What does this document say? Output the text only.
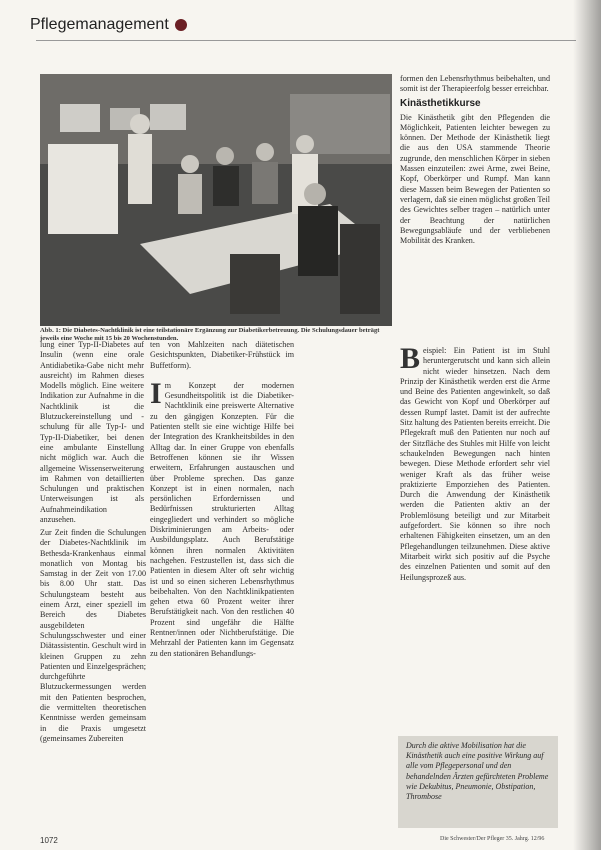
Pflegemanagement
Abb. 1: Die Diabetes-Nachtklinik ist eine teilstationäre Ergänzung zur Diabetikerbetreuung. Die Schulungsdauer beträgt jeweils eine Woche mit 15 bis 20 Wochenstunden.

lung einer Typ-II-Diabetes auf Insulin (wenn eine orale Antidiabetika-Gabe nicht mehr ausreicht) im Rahmen dieses Modells möglich. Eine weitere Indikation zur Aufnahme in die Nachtklinik ist die Blutzuckereinstellung und -schulung für alle Typ-I- und Typ-II-Diabetiker, bei denen eine ambulante Einstellung nicht möglich war. Auch die allgemeine Wissenserweiterung im Rahmen von detaillierten Schulungen und praktischen Unterweisungen ist als Aufnahmeindikation anzusehen.

Zur Zeit finden die Schulungen der Diabetes-Nachtklinik im Bethesda-Krankenhaus einmal monatlich von Montag bis Samstag in der Zeit von 17.00 bis 8.00 Uhr statt. Das Schulungsteam besteht aus einem Arzt, einer speziell im Bereich des Diabetes ausgebildeten Schulungsschwester und einer Diätassistentin. Geschult wird in kleinen Gruppen zu zehn Patienten und Einzelgesprächen; durchgeführte Blutzuckermessungen werden mit den Patienten besprochen, die vermittelten theoretischen Kenntnisse werden gemeinsam in die Praxis umgesetzt (gemeinsames Zubereiten

ten von Mahlzeiten nach diätetischen Gesichtspunkten, Diabetiker-Frühstück im Buffetform).

Im Konzept der modernen Gesundheitspolitik ist die Diabetiker-Nachtklinik eine preiswerte Alternative zu den gängigen Konzepten. Für die Patienten stellt sie eine wichtige Hilfe bei der Integration des Krankheitsbildes in den Alltag dar. In einer Gruppe von ebenfalls Betroffenen können sie ihr Wissen erweitern, Erfahrungen austauschen und über Probleme sprechen. Das ganze Konzept ist in einen normalen, nach persönlichen Erfordernissen und Bedürfnissen strukturierten Alltag eingegliedert und verhindert so mögliche Diskriminierungen am Arbeits- oder Ausbildungsplatz. Auch Berufstätige können ihren normalen Aktivitäten nachgehen. Festzustellen ist, dass sich die Patienten in diesem Alter oft sehr wichtig ist und so einen sicheren Lebensrhythmus beibehalten. Von den Nachtklinikpatienten gehen etwa 60 Prozent weiter ihrer Berufstätigkeit nach. Von den restlichen 40 Prozent sind ungefähr die Hälfte Rentner/innen oder Nichtberufstätige. Die Mehrzahl der Patienten kann im Gegensatz zu den stationären Behandlungs-

formen den Lebensrhythmus beibehalten, und somit ist der Therapieerfolg besser erreichbar.

Kinästhetikkurse

Die Kinästhetik gibt den Pflegenden die Möglichkeit, Patienten leichter bewegen zu können. Der Methode der Kinästhetik liegt die aus den USA stammende Theorie zugrunde, den menschlichen Körper in sieben Massen einzuteilen: zwei Arme, zwei Beine, Kopf, Oberkörper und Rumpf. Man kann diese Massen beim Bewegen der Patienten so verlagern, daß sie einen möglichst großen Teil des Gewichtes selber tragen – natürlich unter der Beachtung der natürlichen Bewegungsabläufe und der verbliebenen Mobilität des Kranken.

Beispiel: Ein Patient ist im Stuhl heruntergerutscht und kann sich allein nicht wieder hinsetzen. Nach dem Prinzip der Kinästhetik werden erst die Arme und Beine des Patienten angewinkelt, so daß das Gewicht von Kopf und Oberkörper auf dessen Rumpf lastet. Damit ist der aufrechte Sitz haltung des Patienten bereits erreicht. Die Pflegekraft muß den Patienten nur noch auf der Sitzfläche des Stuhles mit Hilfe von leicht schaukelnden Bewegungen nach hinten bewegen. Diese Methode erfordert sehr viel weniger Kraft als das früher weise praktizierte Emporziehen des Patienten. Durch die Anwendung der Kinästhetik werden die Patienten aktiv an der Problemlösung beteiligt und zur Mitarbeit aufgefordert. Sie können so ihre noch erhaltenen Fähigkeiten einsetzen, um an den Pflegehandlungen teilzunehmen. Diese aktive Mitarbeit wirkt sich positiv auf die Psyche des einzelnen Patienten und somit auf den Heilungsprozeß aus.

Durch die aktive Mobilisation hat die Kinästhetik auch eine positive Wirkung auf alle vom Pflegepersonal und den behandelnden Ärzten gefürchteten Probleme wie Dekubitus, Pneumonie, Obstipation, Thrombose
1072	Die Schwester/Der Pfleger 35. Jahrg. 12/96
